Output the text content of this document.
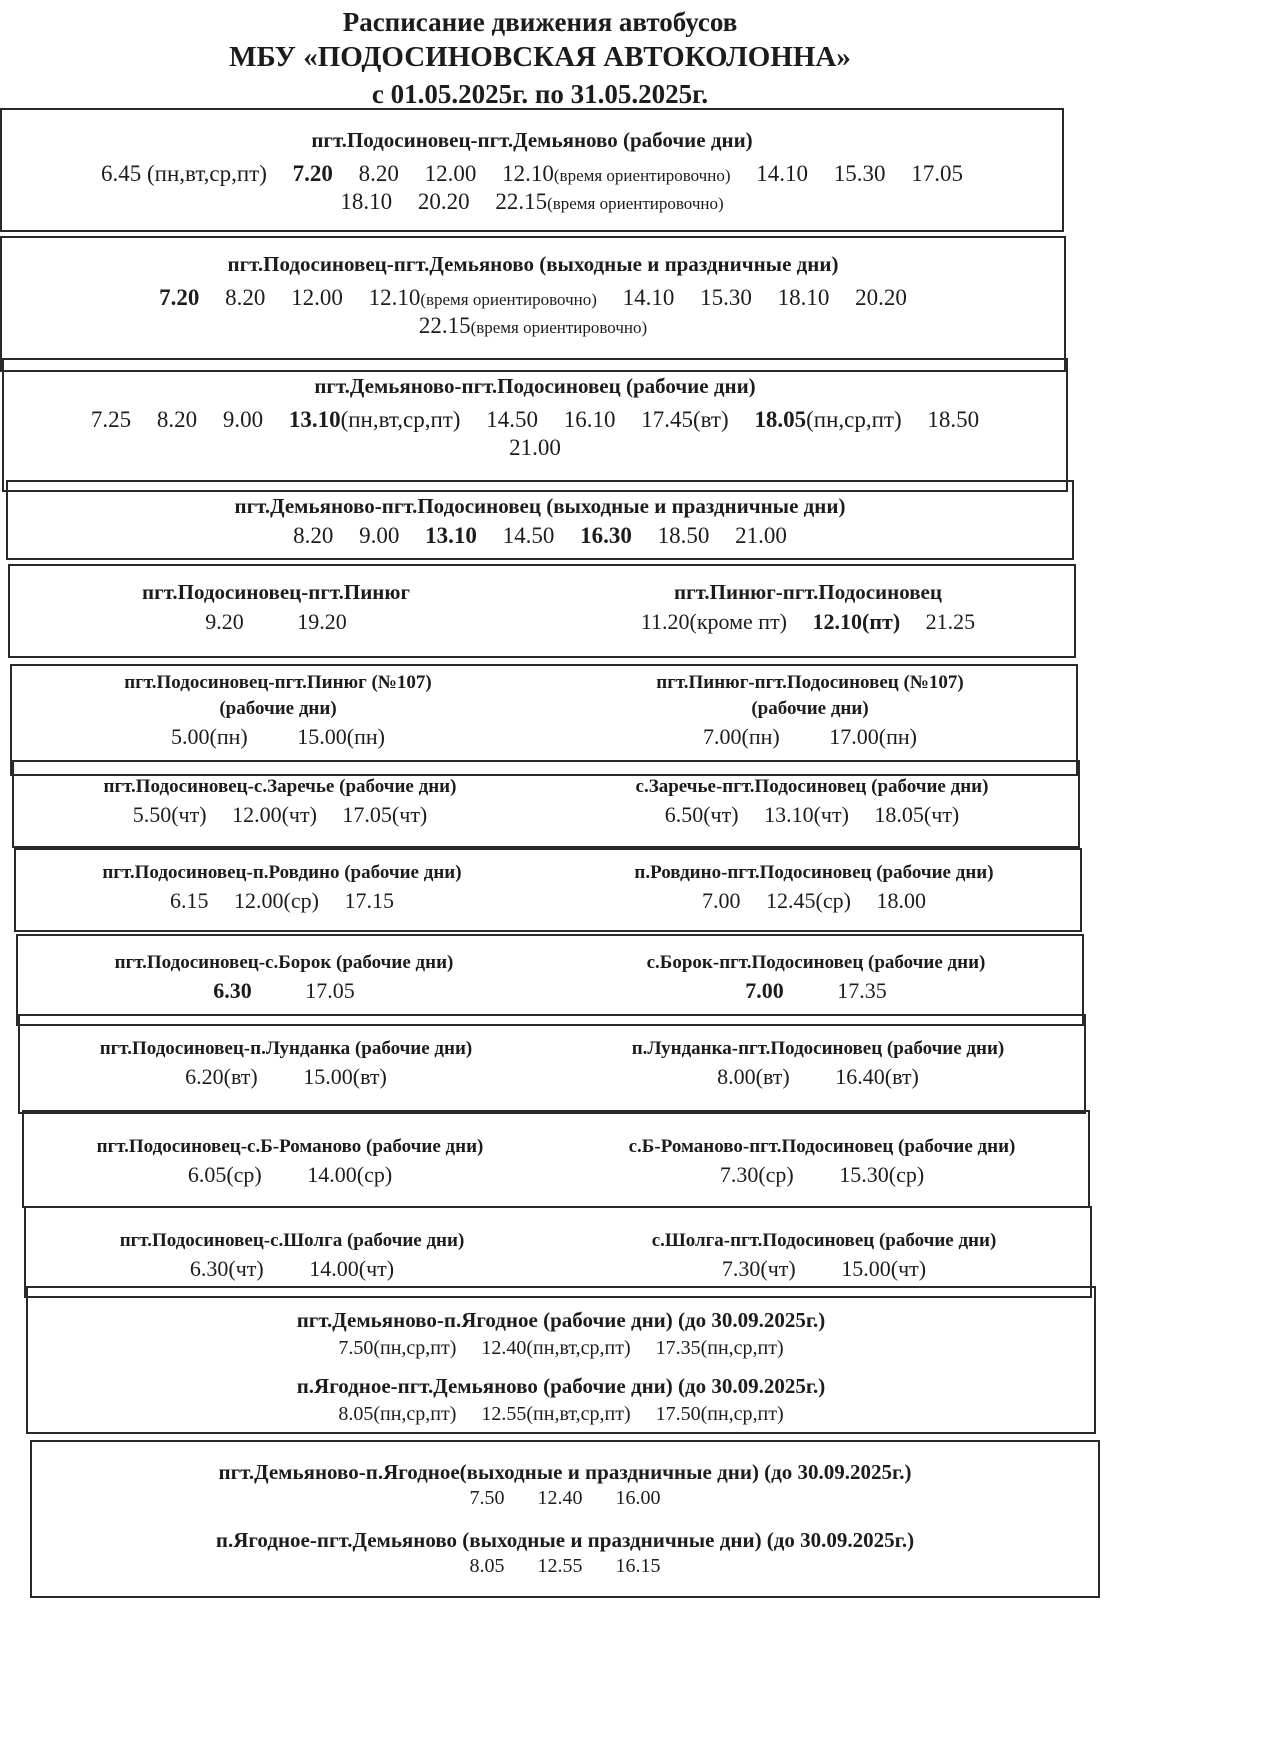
Расписание движения автобусов
МБУ «ПОДОСИНОВСКАЯ АВТОКОЛОННА»
с 01.05.2025г. по 31.05.2025г.
пгт.Подосиновец-пгт.Демьяново (рабочие дни)
6.45 (пн,вт,ср,пт) 7.20 8.20 12.00 12.10(время ориентировочно) 14.10 15.30 17.05
18.10 20.20 22.15(время ориентировочно)
пгт.Подосиновец-пгт.Демьяново (выходные и праздничные дни)
7.20 8.20 12.00 12.10(время ориентировочно) 14.10 15.30 18.10 20.20
22.15(время ориентировочно)
пгт.Демьяново-пгт.Подосиновец (рабочие дни)
7.25 8.20 9.00 13.10(пн,вт,ср,пт) 14.50 16.10 17.45(вт) 18.05(пн,ср,пт) 18.50
21.00
пгт.Демьяново-пгт.Подосиновец (выходные и праздничные дни)
8.20 9.00 13.10 14.50 16.30 18.50 21.00
пгт.Подосиновец-пгт.Пинюг
9.20 19.20
пгт.Пинюг-пгт.Подосиновец
11.20(кроме пт) 12.10(пт) 21.25
пгт.Подосиновец-пгт.Пинюг (№107)
(рабочие дни)
5.00(пн) 15.00(пн)
пгт.Пинюг-пгт.Подосиновец (№107)
(рабочие дни)
7.00(пн) 17.00(пн)
пгт.Подосиновец-с.Заречье (рабочие дни)
5.50(чт) 12.00(чт) 17.05(чт)
с.Заречье-пгт.Подосиновец (рабочие дни)
6.50(чт) 13.10(чт) 18.05(чт)
пгт.Подосиновец-п.Ровдино (рабочие дни)
6.15 12.00(ср) 17.15
п.Ровдино-пгт.Подосиновец (рабочие дни)
7.00 12.45(ср) 18.00
пгт.Подосиновец-с.Борок (рабочие дни)
6.30 17.05
с.Борок-пгт.Подосиновец (рабочие дни)
7.00 17.35
пгт.Подосиновец-п.Лунданка (рабочие дни)
6.20(вт) 15.00(вт)
п.Лунданка-пгт.Подосиновец (рабочие дни)
8.00(вт) 16.40(вт)
пгт.Подосиновец-с.Б-Романово (рабочие дни)
6.05(ср) 14.00(ср)
с.Б-Романово-пгт.Подосиновец (рабочие дни)
7.30(ср) 15.30(ср)
пгт.Подосиновец-с.Шолга (рабочие дни)
6.30(чт) 14.00(чт)
с.Шолга-пгт.Подосиновец (рабочие дни)
7.30(чт) 15.00(чт)
пгт.Демьяново-п.Ягодное (рабочие дни) (до 30.09.2025г.)
7.50(пн,ср,пт) 12.40(пн,вт,ср,пт) 17.35(пн,ср,пт)
п.Ягодное-пгт.Демьяново (рабочие дни) (до 30.09.2025г.)
8.05(пн,ср,пт) 12.55(пн,вт,ср,пт) 17.50(пн,ср,пт)
пгт.Демьяново-п.Ягодное(выходные и праздничные дни) (до 30.09.2025г.)
7.50 12.40 16.00
п.Ягодное-пгт.Демьяново (выходные и праздничные дни) (до 30.09.2025г.)
8.05 12.55 16.15
